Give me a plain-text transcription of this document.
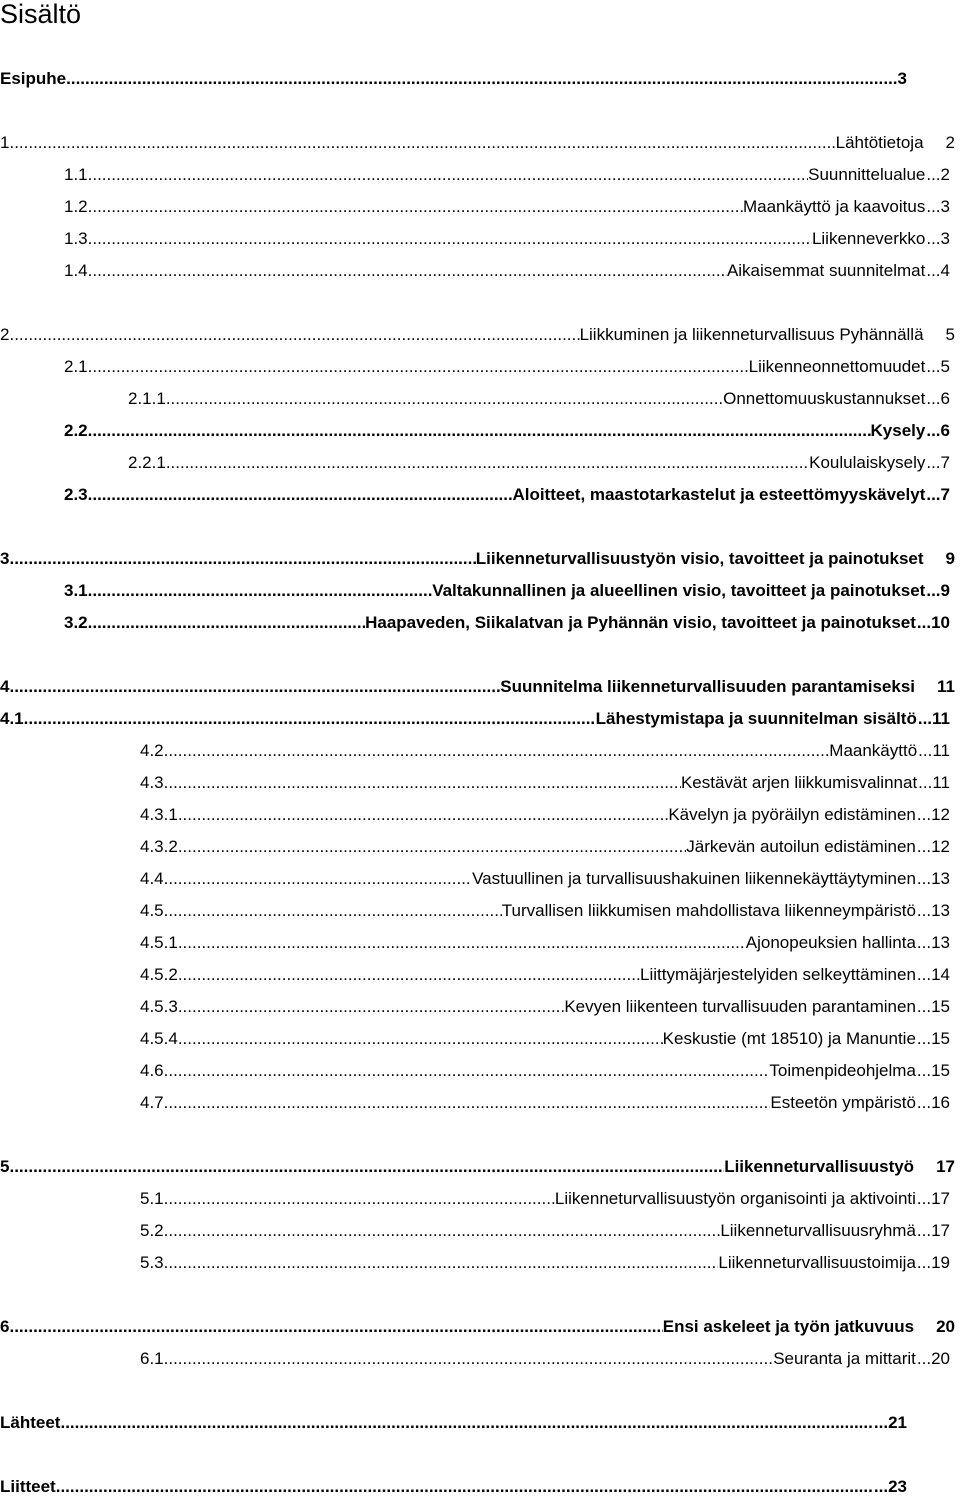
Sisältö
Esipuhe .....	... 3
1. .....	Lähtötietoja 2
1.1 .....	Suunnittelualue ... 2
1.2 .....	Maankäyttö ja kaavoitus ... 3
1.3 .....	Liikenneverkko ... 3
1.4 .....	Aikaisemmat suunnitelmat ... 4
2. .....	Liikkuminen ja liikenneturvallisuus Pyhännällä 5
2.1 .....	Liikenneonnettomuudet ... 5
2.1.1 .....	Onnettomuuskustannukset ... 6
2.2 .....	Kysely ... 6
2.2.1 .....	Koululaiskysely ... 7
2.3 .....	Aloitteet, maastotarkastelut ja esteettömyyskävelyt ... 7
3. .....	Liikenneturvallisuustyön visio, tavoitteet ja painotukset 9
3.1 .....	Valtakunnallinen ja alueellinen visio, tavoitteet ja painotukset ... 9
3.2 .....	Haapaveden, Siikalatvan ja Pyhännän visio, tavoitteet ja painotukset ... 10
4. .....	Suunnitelma liikenneturvallisuuden parantamiseksi 11
4.1 .....	Lähestymistapa ja suunnitelman sisältö ... 11
4.2 .....	Maankäyttö ... 11
4.3 .....	Kestävät arjen liikkumisvalinnat ... 11
4.3.1 .....	Kävelyn ja pyöräilyn edistäminen ... 12
4.3.2 .....	Järkevän autoilun edistäminen ... 12
4.4 .....	Vastuullinen ja turvallisuushakuinen liikennekäyttäytyminen ... 13
4.5 .....	Turvallisen liikkumisen mahdollistava liikenneympäristö ... 13
4.5.1 .....	Ajonopeuksien hallinta ... 13
4.5.2 .....	Liittymäjärjestelyiden selkeyttäminen ... 14
4.5.3 .....	Kevyen liikenteen turvallisuuden parantaminen ... 15
4.5.4 .....	Keskustie (mt 18510) ja Manuntie ... 15
4.6 .....	Toimenpideohjelma ... 15
4.7 .....	Esteetön ympäristö ... 16
5. .....	Liikenneturvallisuustyö 17
5.1 .....	Liikenneturvallisuustyön organisointi ja aktivointi ... 17
5.2 .....	Liikenneturvallisuusryhmä ... 17
5.3 .....	Liikenneturvallisuustoimija ... 19
6. .....	Ensi askeleet ja työn jatkuvuus 20
6.1 .....	Seuranta ja mittarit ... 20
Lähteet .....	... 21
Liitteet .....	... 23
